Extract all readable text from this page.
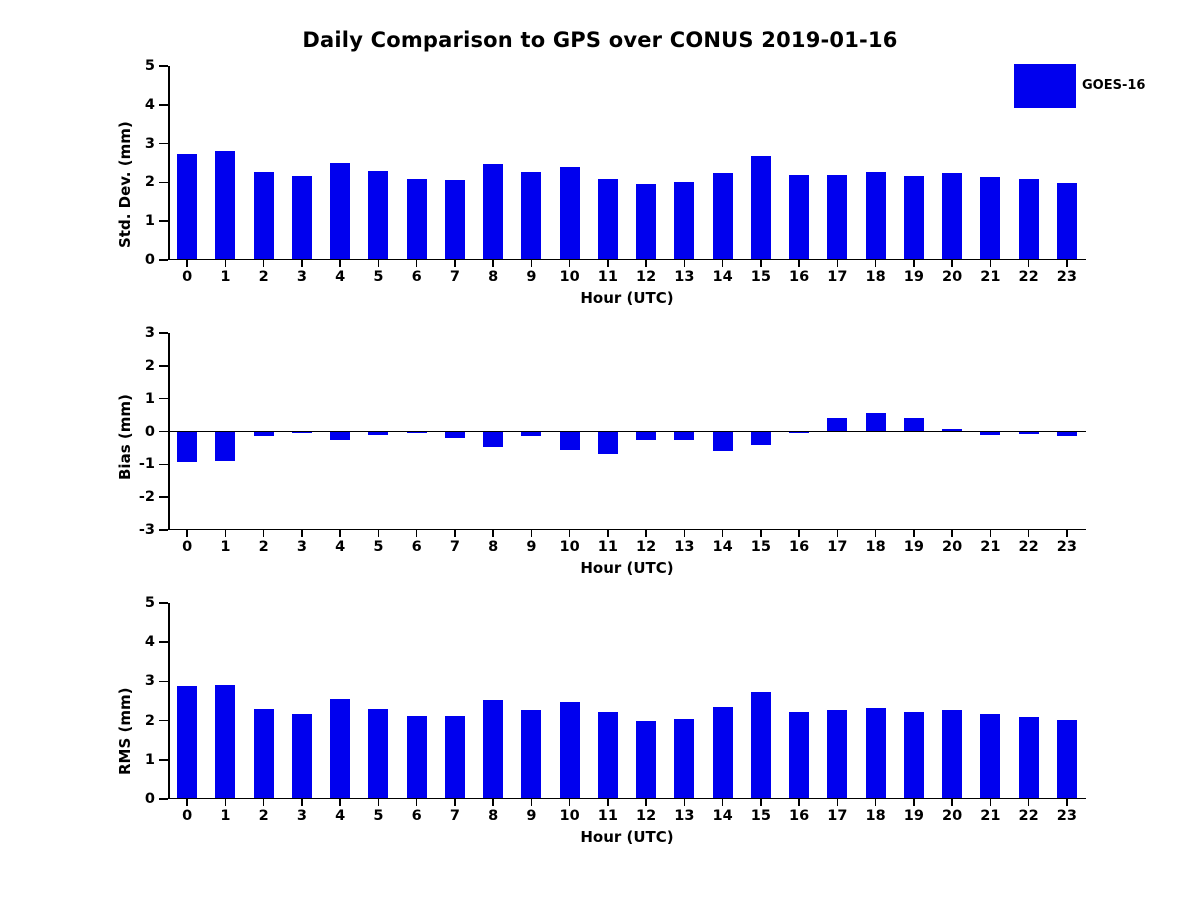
Daily Comparison to GPS over CONUS 2019-01-16
GOES-16
0
1
2
3
4
5
0 1 2 3 4 5 6 7 8 9 10 11 12 13 14 15 16 17 18 19 20 21 22 23
Std. Dev. (mm)
Hour (UTC)
-3
-2
-1
0
1
2
3
0 1 2 3 4 5 6 7 8 9 10 11 12 13 14 15 16 17 18 19 20 21 22 23
Bias (mm)
Hour (UTC)
0
1
2
3
4
5
0 1 2 3 4 5 6 7 8 9 10 11 12 13 14 15 16 17 18 19 20 21 22 23
RMS (mm)
Hour (UTC)
